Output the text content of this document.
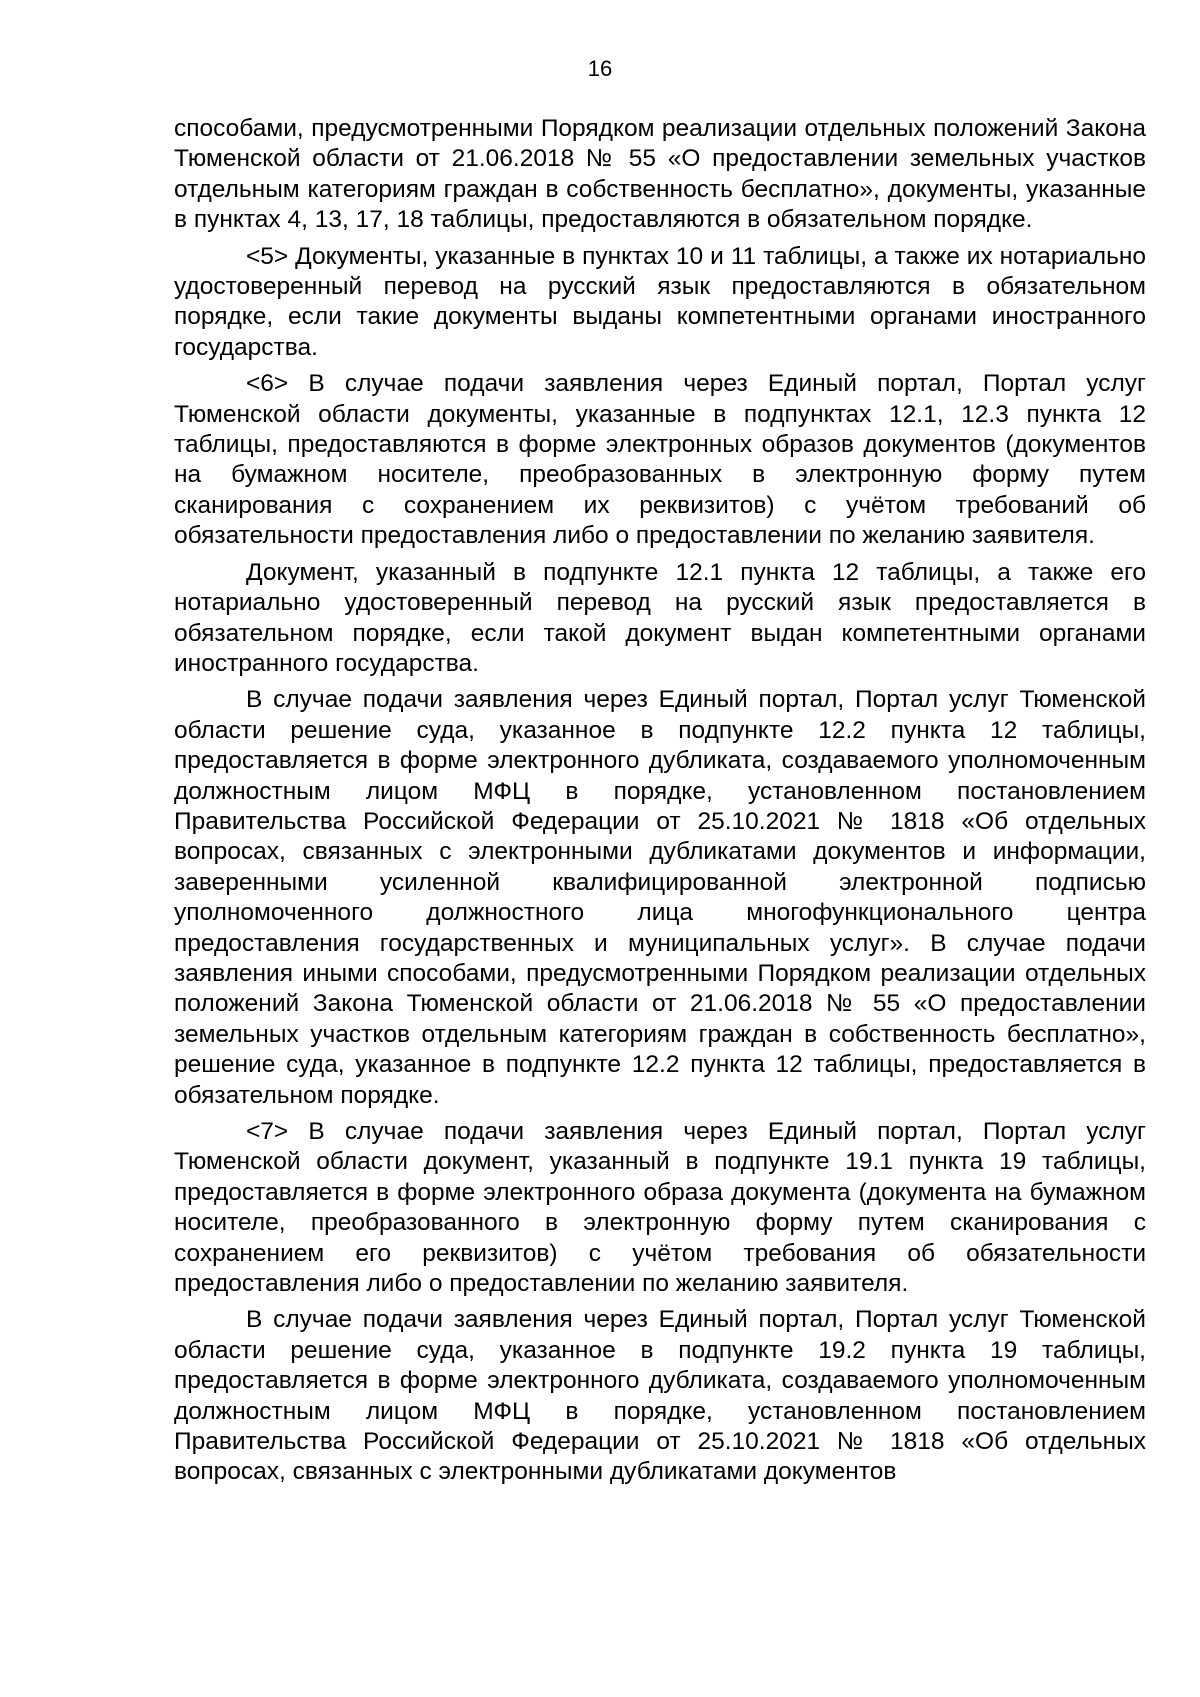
16

способами, предусмотренными Порядком реализации отдельных положений Закона Тюменской области от 21.06.2018 № 55 «О предоставлении земельных участков отдельным категориям граждан в собственность бесплатно», документы, указанные в пунктах 4, 13, 17, 18 таблицы, предоставляются в обязательном порядке.

<5> Документы, указанные в пунктах 10 и 11 таблицы, а также их нотариально удостоверенный перевод на русский язык предоставляются в обязательном порядке, если такие документы выданы компетентными органами иностранного государства.

<6> В случае подачи заявления через Единый портал, Портал услуг Тюменской области документы, указанные в подпунктах 12.1, 12.3 пункта 12 таблицы, предоставляются в форме электронных образов документов (документов на бумажном носителе, преобразованных в электронную форму путем сканирования с сохранением их реквизитов) с учётом требований об обязательности предоставления либо о предоставлении по желанию заявителя.

Документ, указанный в подпункте 12.1 пункта 12 таблицы, а также его нотариально удостоверенный перевод на русский язык предоставляется в обязательном порядке, если такой документ выдан компетентными органами иностранного государства.

В случае подачи заявления через Единый портал, Портал услуг Тюменской области решение суда, указанное в подпункте 12.2 пункта 12 таблицы, предоставляется в форме электронного дубликата, создаваемого уполномоченным должностным лицом МФЦ в порядке, установленном постановлением Правительства Российской Федерации от 25.10.2021 № 1818 «Об отдельных вопросах, связанных с электронными дубликатами документов и информации, заверенными усиленной квалифицированной электронной подписью уполномоченного должностного лица многофункционального центра предоставления государственных и муниципальных услуг». В случае подачи заявления иными способами, предусмотренными Порядком реализации отдельных положений Закона Тюменской области от 21.06.2018 № 55 «О предоставлении земельных участков отдельным категориям граждан в собственность бесплатно», решение суда, указанное в подпункте 12.2 пункта 12 таблицы, предоставляется в обязательном порядке.

<7> В случае подачи заявления через Единый портал, Портал услуг Тюменской области документ, указанный в подпункте 19.1 пункта 19 таблицы, предоставляется в форме электронного образа документа (документа на бумажном носителе, преобразованного в электронную форму путем сканирования с сохранением его реквизитов) с учётом требования об обязательности предоставления либо о предоставлении по желанию заявителя.

В случае подачи заявления через Единый портал, Портал услуг Тюменской области решение суда, указанное в подпункте 19.2 пункта 19 таблицы, предоставляется в форме электронного дубликата, создаваемого уполномоченным должностным лицом МФЦ в порядке, установленном постановлением Правительства Российской Федерации от 25.10.2021 № 1818 «Об отдельных вопросах, связанных с электронными дубликатами документов
